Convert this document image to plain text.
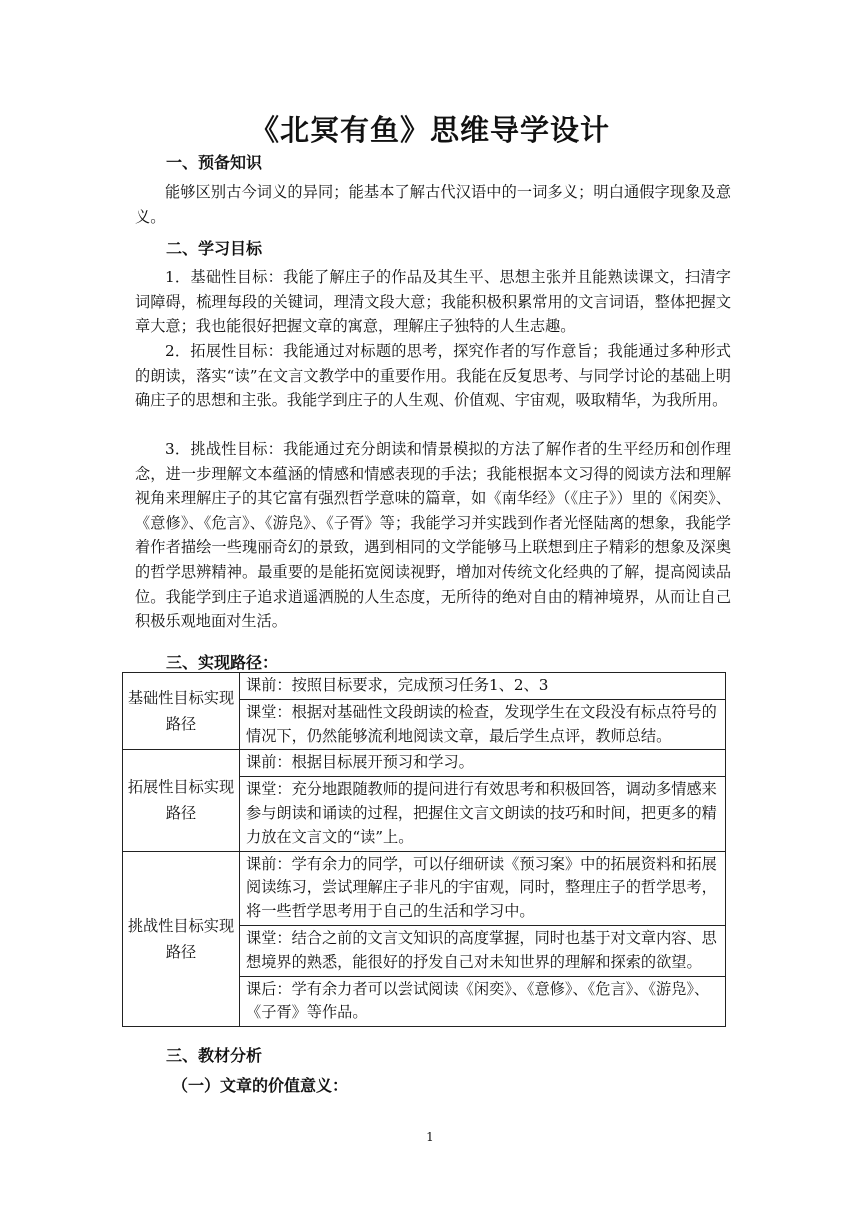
《北冥有鱼》思维导学设计
一、预备知识
能够区别古今词义的异同；能基本了解古代汉语中的一词多义；明白通假字现象及意义。
二、学习目标
1．基础性目标：我能了解庄子的作品及其生平、思想主张并且能熟读课文，扫清字词障碍，梳理每段的关键词，理清文段大意；我能积极积累常用的文言词语，整体把握文章大意；我也能很好把握文章的寓意，理解庄子独特的人生志趣。
2．拓展性目标：我能通过对标题的思考，探究作者的写作意旨；我能通过多种形式的朗读，落实“读”在文言文教学中的重要作用。我能在反复思考、与同学讨论的基础上明确庄子的思想和主张。我能学到庄子的人生观、价值观、宇宙观，吸取精华，为我所用。
3．挑战性目标：我能通过充分朗读和情景模拟的方法了解作者的生平经历和创作理念，进一步理解文本蕴涵的情感和情感表现的手法；我能根据本文习得的阅读方法和理解视角来理解庄子的其它富有强烈哲学意味的篇章，如《南华经》（《庄子》）里的《闲奕》、《意修》、《危言》、《游凫》、《子胥》等；我能学习并实践到作者光怪陆离的想象，我能学着作者描绘一些瑰丽奇幻的景致，遇到相同的文学能够马上联想到庄子精彩的想象及深奥的哲学思辨精神。最重要的是能拓宽阅读视野，增加对传统文化经典的了解，提高阅读品位。我能学到庄子追求逍遥洒脱的人生态度，无所待的绝对自由的精神境界，从而让自己积极乐观地面对生活。
三、实现路径：
基础性目标实现路径	课前：按照目标要求，完成预习任务1、2、3
	课堂：根据对基础性文段朗读的检查，发现学生在文段没有标点符号的情况下，仍然能够流利地阅读文章，最后学生点评，教师总结。
拓展性目标实现路径	课前：根据目标展开预习和学习。
	课堂：充分地跟随教师的提问进行有效思考和积极回答，调动多情感来参与朗读和诵读的过程，把握住文言文朗读的技巧和时间，把更多的精力放在文言文的“读”上。
挑战性目标实现路径	课前：学有余力的同学，可以仔细研读《预习案》中的拓展资料和拓展阅读练习，尝试理解庄子非凡的宇宙观，同时，整理庄子的哲学思考，将一些哲学思考用于自己的生活和学习中。
	课堂：结合之前的文言文知识的高度掌握，同时也基于对文章内容、思想境界的熟悉，能很好的抒发自己对未知世界的理解和探索的欲望。
	课后：学有余力者可以尝试阅读《闲奕》、《意修》、《危言》、《游凫》、《子胥》等作品。
三、教材分析
（一）文章的价值意义：
1
